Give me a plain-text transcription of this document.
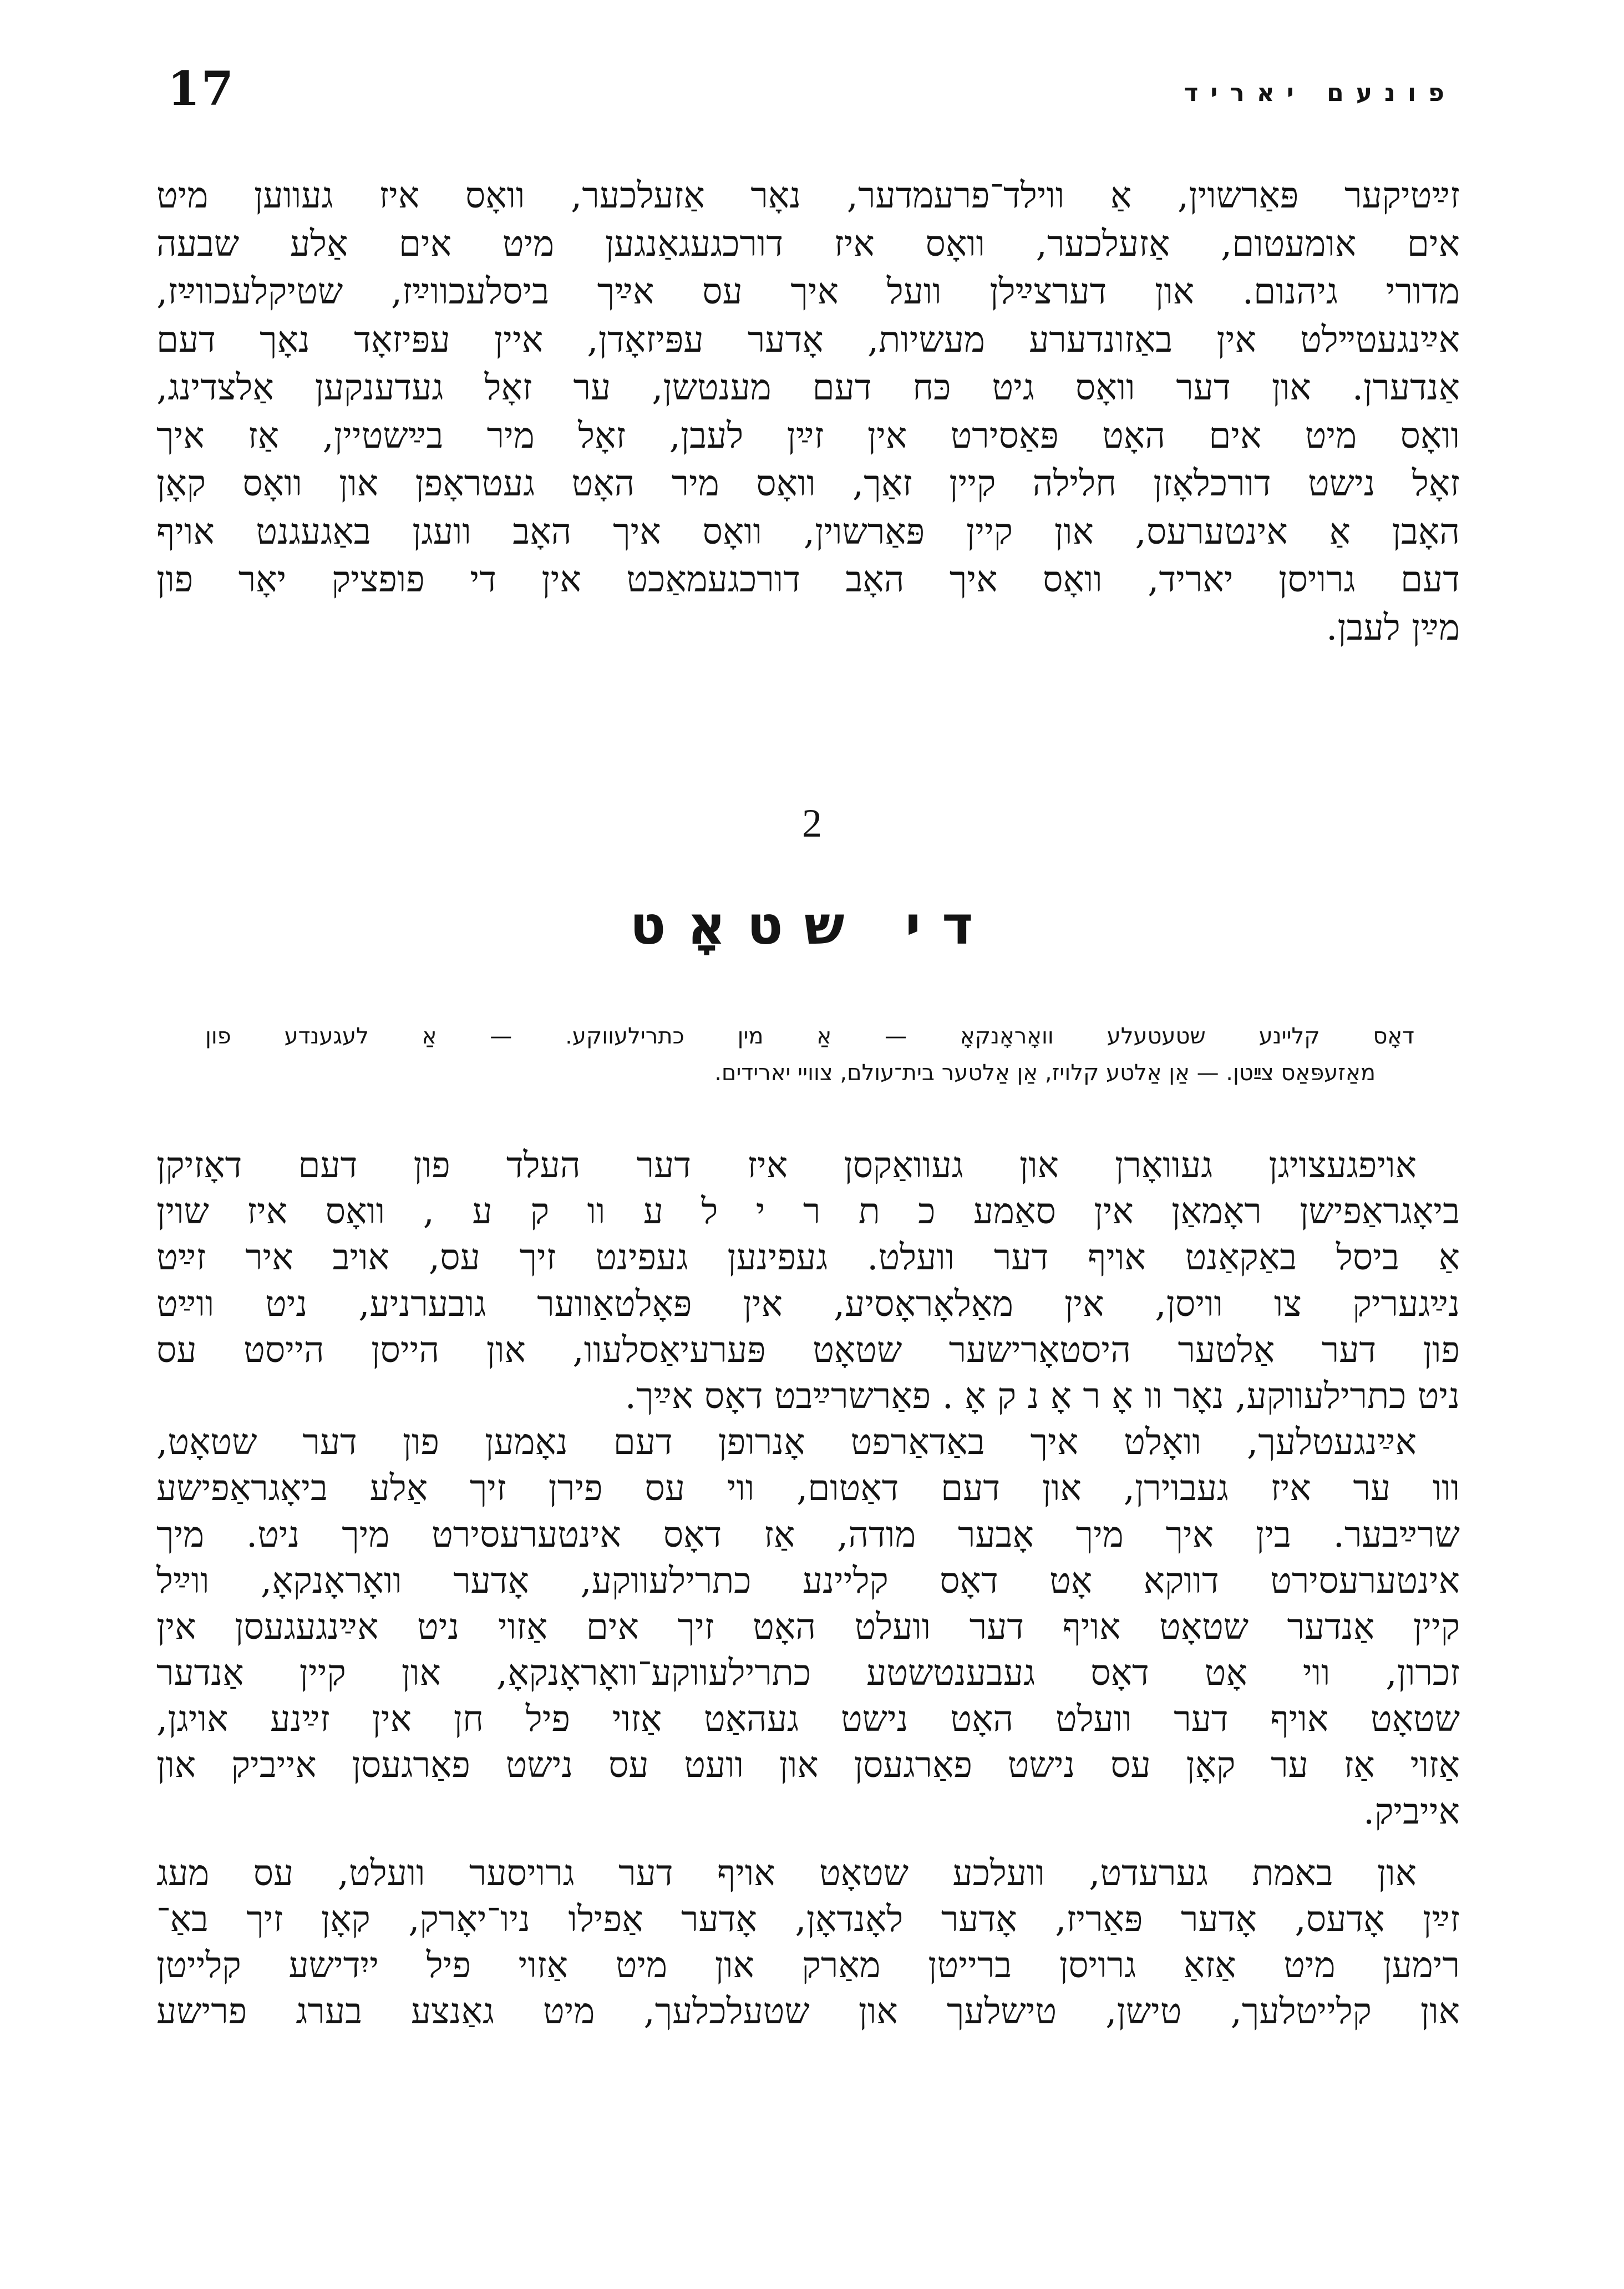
17	פונעם יאריד
זײַטיקער פּאַרשוין, אַ ווילד־פרעמדער, נאָר אַזעלכער, וואָס איז געווען מיט
אים אומעטום, אַזעלכער, וואָס איז דורכגעגאַנגען מיט אים אַלע שבעה
מדורי גיהנום. און דערצײַלן וועל איך עס אײַך ביסלעכווײַז, שטיקלעכווײַז,
אײַנגעטײלט אין באַזונדערע מעשיות, אָדער עפּיזאָדן, איין עפּיזאָד נאָך דעם
אַנדערן. און דער וואָס גיט כּח דעם מענטשן, ער זאָל געדענקען אַלצדינג,
וואָס מיט אים האָט פּאַסירט אין זײַן לעבן, זאָל מיר בײַשטיין, אַז איך
זאָל נישט דורכלאָזן חלילה קיין זאַך, וואָס מיר האָט געטראָפן און וואָס קאָן
האָבן אַ אינטערעס, און קיין פּאַרשוין, וואָס איך האָב וועגן באַגעגנט אויף
דעם גרויסן יאריד, וואָס איך האָב דורכגעמאַכט אין די פופציק יאָר פון
מײַן לעבן.
2
די שטאָט
דאָס קליינע שטעטעלע וואָראָנקאָ — אַ מין כתרילעווקע. — אַ לעגענדע פון
מאַזעפּאַס צײַטן. — אַן אַלטע קלויז, אַן אַלטער בית־עולם, צוויי יארידים.
אויפגעצויגן געוואָרן און געוואַקסן איז דער העלד פון דעם דאָזיקן
ביאָגראַפישן ראָמאַן אין סאַמע כ ת ר י ל ע וו ק ע , וואָס איז שוין
אַ ביסל באַקאַנט אויף דער וועלט. געפינען געפינט זיך עס, אויב איר זײַט
נײַגעריק צו וויסן, אין מאַלאָראָסיע, אין פּאָלטאַווער גובערניע, ניט ווײַט
פון דער אַלטער היסטאָרישער שטאָט פּערעיאַסלעוו, און הייסן הייסט עס
ניט כתרילעווקע, נאָר וו אָ ר אָ נ ק אָ . פאַרשרײַבט דאָס אײַך.
אײַנגעטלעך, וואָלט איך באַדאַרפט אָנרופן דעם נאָמען פון דער שטאָט,
ווו ער איז געבוירן, און דעם דאַטום, ווי עס פירן זיך אַלע ביאָגראַפישע
שרײַבער. בין איך מיך אָבער מודה, אַז דאָס אינטערעסירט מיך ניט. מיך
אינטערעסירט דווקא אָט דאָס קליינע כתרילעווקע, אָדער וואָראָנקאָ, ווײַל
קיין אַנדער שטאָט אויף דער וועלט האָט זיך אים אַזוי ניט אײַנגעגעסן אין
זכרון, ווי אָט דאָס געבענטשטע כתרילעווקע־וואָראָנקאָ, און קיין אַנדער
שטאָט אויף דער וועלט האָט נישט געהאַט אַזוי פיל חן אין זײַנע אויגן,
אַזוי אַז ער קאָן עס נישט פאַרגעסן און וועט עס נישט פאַרגעסן אייביק און
אייביק.
און באמת גערעדט, וועלכע שטאָט אויף דער גרויסער וועלט, עס מעג
זײַן אָדעס, אָדער פּאַריז, אָדער לאָנדאָן, אָדער אַפילו ניו־יאָרק, קאָן זיך באַ־
רימען מיט אַזאַ גרויסן ברייטן מאַרק און מיט אַזוי פיל ייִדישע קלייטן
און קלייטלעך, טישן, טישלעך און שטעלכלעך, מיט גאַנצע בערג פרישע
